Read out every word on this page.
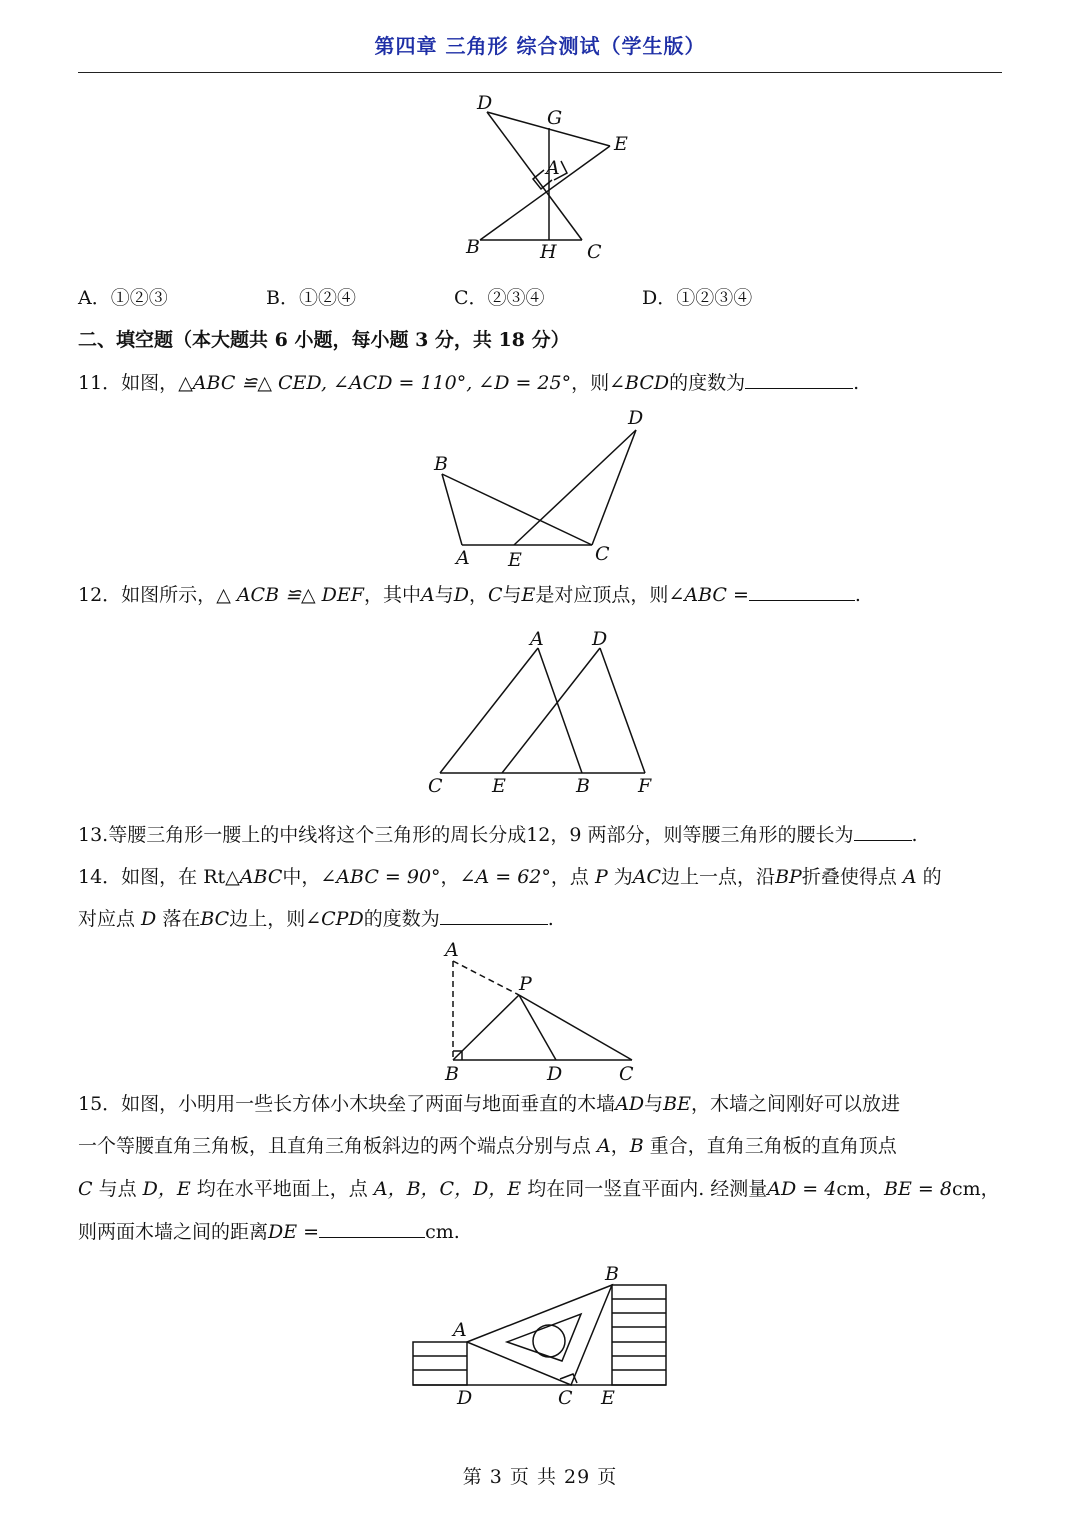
第四章 三角形 综合测试（学生版）
D
G
E
A
B	H C
A．①②③	B．①②④	C．②③④	D．①②③④
二、填空题（本大题共 6 小题，每小题 3 分，共 18 分）
11．如图，△ABC ≌△ CED, ∠ACD = 110°, ∠D = 25°，则∠BCD的度数为	.
D
B
A E	C
12．如图所示，△ ACB ≌△ DEF，其中A与D，C与E是对应顶点，则∠ABC =	.
A	D
C	E	B	F
13.等腰三角形一腰上的中线将这个三角形的周长分成12，9 两部分，则等腰三角形的腰长为	.
14．如图，在 Rt△ABC中，∠ABC = 90°，∠A = 62°，点 P 为AC边上一点，沿BP折叠使得点 A 的
对应点 D 落在BC边上，则∠CPD的度数为	.
A
P
B	D	C
15．如图，小明用一些长方体小木块垒了两面与地面垂直的木墙AD与BE，木墙之间刚好可以放进
一个等腰直角三角板，且直角三角板斜边的两个端点分别与点 A，B 重合，直角三角板的直角顶点
C 与点 D，E 均在水平地面上，点 A，B，C，D，E 均在同一竖直平面内. 经测量AD = 4cm，BE = 8cm，
则两面木墙之间的距离DE =	cm.
B
A
D	C E
第 3 页 共 29 页
